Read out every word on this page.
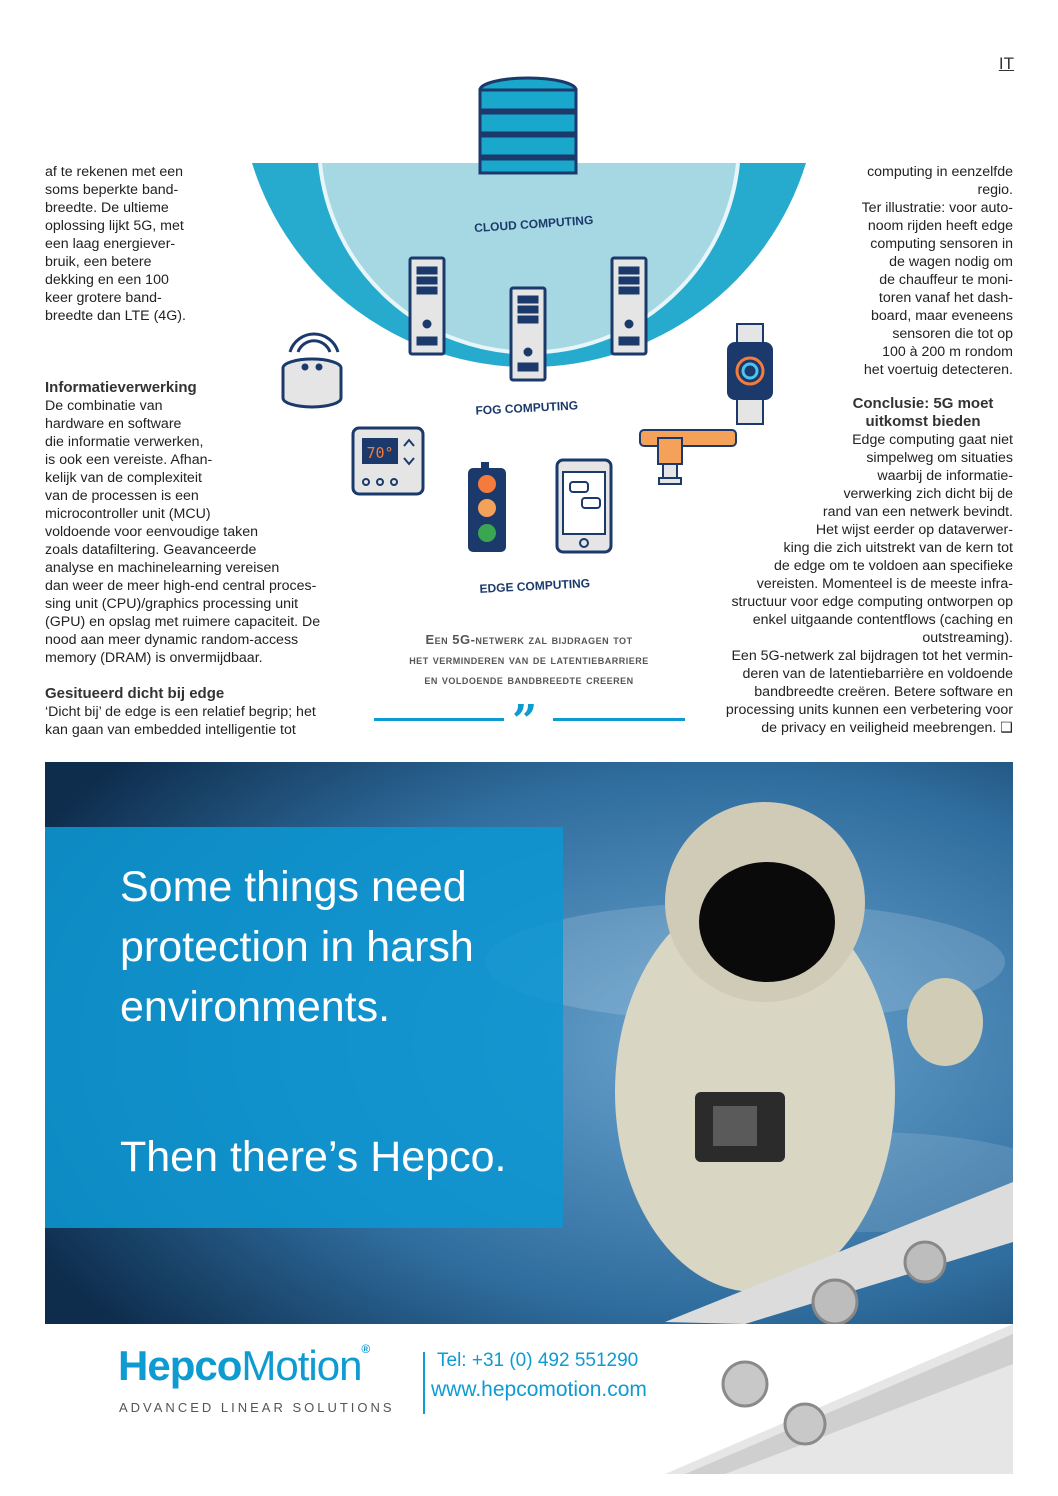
IT
CLOUD COMPUTING
FOG COMPUTING
EDGE COMPUTING
70°
af te rekenen met een
soms beperkte band-
breedte. De ultieme
oplossing lijkt 5G, met
een laag energiever-
bruik, een betere
dekking en een 100
keer grotere band-
breedte dan LTE (4G).
Informatieverwerking
De combinatie van
hardware en software
die informatie verwerken,
is ook een vereiste. Afhan-
kelijk van de complexiteit
van de processen is een
microcontroller unit (MCU)
voldoende voor eenvoudige taken
zoals datafiltering. Geavanceerde
analyse en machinelearning vereisen
dan weer de meer high-end central proces-
sing unit (CPU)/graphics processing unit
(GPU) en opslag met ruimere capaciteit. De
nood aan meer dynamic random-access
memory (DRAM) is onvermijdbaar.
Gesitueerd dicht bij edge
‘Dicht bij’ de edge is een relatief begrip; het
kan gaan van embedded intelligentie tot
computing in eenzelfde
regio.
Ter illustratie: voor auto-
noom rijden heeft edge
computing sensoren in
de wagen nodig om
de chauffeur te moni-
toren vanaf het dash-
board, maar eveneens
sensoren die tot op
100 à 200 m rondom
het voertuig detecteren.
Conclusie: 5G moet
uitkomst bieden
Edge computing gaat niet
simpelweg om situaties
waarbij de informatie-
verwerking zich dicht bij de
rand van een netwerk bevindt.
Het wijst eerder op dataverwer-
king die zich uitstrekt van de kern tot
de edge om te voldoen aan specifieke
vereisten. Momenteel is de meeste infra-
structuur voor edge computing ontworpen op
enkel uitgaande contentflows (caching en
outstreaming).
Een 5G-netwerk zal bijdragen tot het vermin-
deren van de latentiebarrière en voldoende
bandbreedte creëren. Betere software en
processing units kunnen een verbetering voor
de privacy en veiligheid meebrengen. ❑
Een 5G-netwerk zal bijdragen tot
het verminderen van de latentiebarriere
en voldoende bandbreedte creeren
”
Some things need protection in harsh environments.
Then there’s Hepco.
HepcoMotion®
ADVANCED LINEAR SOLUTIONS
Tel: +31 (0) 492 551290
www.hepcomotion.com
